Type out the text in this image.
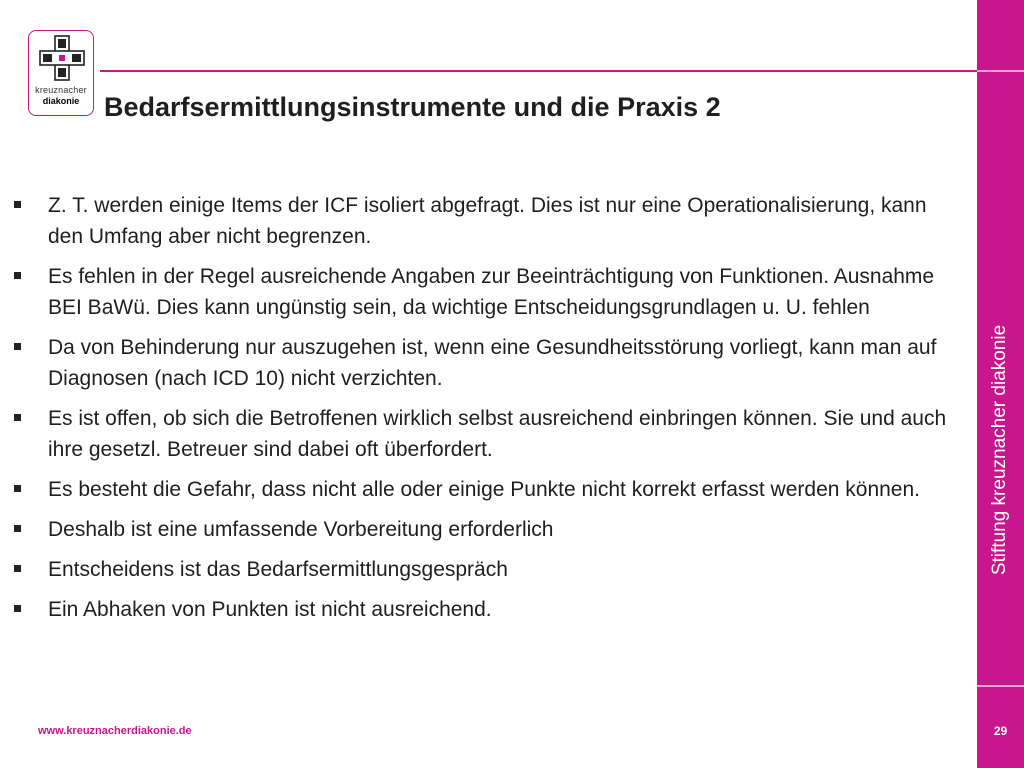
kreuznacher
diakonie Bedarfsermittlungsinstrumente und die Praxis 2
Z. T. werden einige Items der ICF isoliert abgefragt. Dies ist nur eine Operationalisierung, kann den Umfang aber nicht begrenzen.
Es fehlen in der Regel ausreichende Angaben zur Beeinträchtigung von Funktionen. Ausnahme BEI BaWü. Dies kann ungünstig sein, da wichtige Entscheidungsgrundlagen u. U. fehlen
Da von Behinderung nur auszugehen ist, wenn eine Gesundheitsstörung vorliegt, kann man auf Diagnosen (nach ICD 10) nicht verzichten.
Es ist offen, ob sich die Betroffenen wirklich selbst ausreichend einbringen können. Sie und auch ihre gesetzl. Betreuer sind dabei oft überfordert.
Es besteht die Gefahr, dass nicht alle oder einige Punkte nicht korrekt erfasst werden können.
Deshalb ist eine umfassende Vorbereitung erforderlich
Entscheidens ist das Bedarfsermittlungsgespräch
Ein Abhaken von Punkten ist nicht ausreichend.
Stiftung kreuznacher diakonie
29
www.kreuznacherdiakonie.de
